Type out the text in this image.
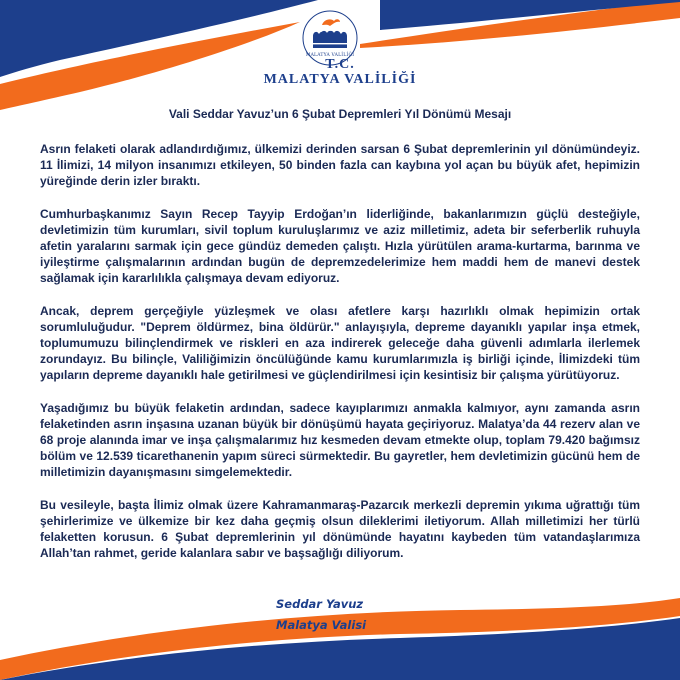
MALATYA VALİLİĞİ
T.C.
MALATYA VALİLİĞİ
Vali Seddar Yavuz’un 6 Şubat Depremleri Yıl Dönümü Mesajı

Asrın felaketi olarak adlandırdığımız, ülkemizi derinden sarsan 6 Şubat depremlerinin yıl dönümündeyiz. 11 İlimizi, 14 milyon insanımızı etkileyen, 50 binden fazla can kaybına yol açan bu büyük afet, hepimizin yüreğinde derin izler bıraktı.

Cumhurbaşkanımız Sayın Recep Tayyip Erdoğan’ın liderliğinde, bakanlarımızın güçlü desteğiyle, devletimizin tüm kurumları, sivil toplum kuruluşlarımız ve aziz milletimiz, adeta bir seferberlik ruhuyla afetin yaralarını sarmak için gece gündüz demeden çalıştı. Hızla yürütülen arama-kurtarma, barınma ve iyileştirme çalışmalarının ardından bugün de depremzedelerimize hem maddi hem de manevi destek sağlamak için kararlılıkla çalışmaya devam ediyoruz.

Ancak, deprem gerçeğiyle yüzleşmek ve olası afetlere karşı hazırlıklı olmak hepimizin ortak sorumluluğudur. "Deprem öldürmez, bina öldürür." anlayışıyla, depreme dayanıklı yapılar inşa etmek, toplumumuzu bilinçlendirmek ve riskleri en aza indirerek geleceğe daha güvenli adımlarla ilerlemek zorundayız. Bu bilinçle, Valiliğimizin öncülüğünde kamu kurumlarımızla iş birliği içinde, İlimizdeki tüm yapıların depreme dayanıklı hale getirilmesi ve güçlendirilmesi için kesintisiz bir çalışma yürütüyoruz.

Yaşadığımız bu büyük felaketin ardından, sadece kayıplarımızı anmakla kalmıyor, aynı zamanda asrın felaketinden asrın inşasına uzanan büyük bir dönüşümü hayata geçiriyoruz. Malatya’da 44 rezerv alan ve 68 proje alanında imar ve inşa çalışmalarımız hız kesmeden devam etmekte olup, toplam 79.420 bağımsız bölüm ve 12.539 ticarethanenin yapım süreci sürmektedir. Bu gayretler, hem devletimizin gücünü hem de milletimizin dayanışmasını simgelemektedir.

Bu vesileyle, başta İlimiz olmak üzere Kahramanmaraş-Pazarcık merkezli depremin yıkıma uğrattığı tüm şehirlerimize ve ülkemize bir kez daha geçmiş olsun dileklerimi iletiyorum. Allah milletimizi her türlü felaketten korusun. 6 Şubat depremlerinin yıl dönümünde hayatını kaybeden tüm vatandaşlarımıza Allah’tan rahmet, geride kalanlara sabır ve başsağlığı diliyorum.

Seddar Yavuz
Malatya Valisi
